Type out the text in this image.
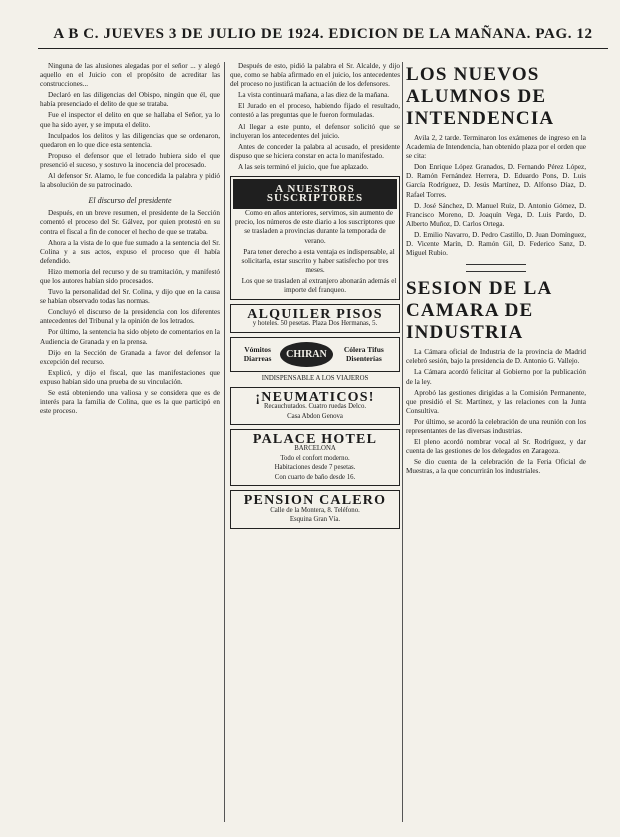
A B C. JUEVES 3 DE JULIO DE 1924. EDICION DE LA MAÑANA. PAG. 12

Ninguna de las alusiones alegadas por el señor ... y alegó aquello en el Juicio con el propósito de acreditar las construcciones...

Declaró en las diligencias del Obispo, ningún que él, que había presenciado el delito de que se trataba.

Fue el inspector el delito en que se hallaba el Señor, ya lo que ha sido ayer, y se imputa el delito.

Inculpados los delitos y las diligencias que se ordenaron, quedaron en lo que dice esta sentencia.

Propuso el defensor que el letrado hubiera sido el que presenció el suceso, y sostuvo la inocencia del procesado.

Al defensor Sr. Alamo, le fue concedida la palabra y pidió la absolución de su patrocinado.

El discurso del presidente

Después, en un breve resumen, el presidente de la Sección comentó el proceso del Sr. Gálvez, por quien protestó en su contra el fiscal a fin de conocer el hecho de que se trataba.

Ahora a la vista de lo que fue sumado a la sentencia del Sr. Colina y a sus actos, expuso el proceso que él había defendido.

Hizo memoria del recurso y de su tramitación, y manifestó que los autores habían sido procesados.

Tuvo la personalidad del Sr. Colina, y dijo que en la causa se habían observado todas las normas.

Concluyó el discurso de la presidencia con los diferentes antecedentes del Tribunal y la opinión de los letrados.

Por último, la sentencia ha sido objeto de comentarios en la Audiencia de Granada y en la prensa.

Dijo en la Sección de Granada a favor del defensor la excepción del recurso.

Explicó, y dijo el fiscal, que las manifestaciones que expuso habían sido una prueba de su vinculación.

Se está obteniendo una valiosa y se considera que es de interés para la familia de Colina, que es la que participó en este proceso.

Después de esto, pidió la palabra el Sr. Alcalde, y dijo que, como se había afirmado en el juicio, los antecedentes del proceso no justifican la actuación de los defensores.

La vista continuará mañana, a las diez de la mañana.

El Jurado en el proceso, habiendo fijado el resultado, contestó a las preguntas que le fueron formuladas.

Al llegar a este punto, el defensor solicitó que se incluyeran los antecedentes del juicio.

Antes de conceder la palabra al acusado, el presidente dispuso que se hiciera constar en acta lo manifestado.

A las seis terminó el juicio, que fue aplazado.

A NUESTROS SUSCRIPTORES

Como en años anteriores, servimos, sin aumento de precio, los números de este diario a los suscriptores que se trasladen a provincias durante la temporada de verano.

Para tener derecho a esta ventaja es indispensable, al solicitarla, estar suscrito y haber satisfecho por tres meses.

Los que se trasladen al extranjero abonarán además el importe del franqueo.

ALQUILER PISOS
y hoteles. 50 pesetas. Plaza Dos Hermanas, 5.
Vómitos Diarreas	CHIRAN	Cólera Tifus Disenterías
INDISPENSABLE A LOS VIAJEROS
¡NEUMATICOS!
Recauchutados. Cuatro ruedas Delco.
Casa Abdon Genova
PALACE HOTEL
BARCELONA
Todo el confort moderno.
Habitaciones desde 7 pesetas.
Con cuarto de baño desde 16.
PENSION CALERO
Calle de la Montera, 8. Teléfono.
Esquina Gran Vía.
LOS NUEVOS ALUMNOS DE INTENDENCIA

Avila 2, 2 tarde. Terminaron los exámenes de ingreso en la Academia de Intendencia, han obtenido plaza por el orden que se cita:

Don Enrique López Granados, D. Fernando Pérez López, D. Ramón Fernández Herrera, D. Eduardo Pons, D. Luis García Rodríguez, D. Jesús Martínez, D. Alfonso Díaz, D. Rafael Torres.

D. José Sánchez, D. Manuel Ruiz, D. Antonio Gómez, D. Francisco Moreno, D. Joaquín Vega, D. Luis Pardo, D. Alberto Muñoz, D. Carlos Ortega.

D. Emilio Navarro, D. Pedro Castillo, D. Juan Domínguez, D. Vicente Marín, D. Ramón Gil, D. Federico Sanz, D. Miguel Rubio.

SESION DE LA CAMARA DE INDUSTRIA

La Cámara oficial de Industria de la provincia de Madrid celebró sesión, bajo la presidencia de D. Antonio G. Vallejo.

La Cámara acordó felicitar al Gobierno por la publicación de la ley.

Aprobó las gestiones dirigidas a la Comisión Permanente, que presidió el Sr. Martínez, y las relaciones con la Junta Consultiva.

Por último, se acordó la celebración de una reunión con los representantes de las diversas industrias.

El pleno acordó nombrar vocal al Sr. Rodríguez, y dar cuenta de las gestiones de los delegados en Zaragoza.

Se dio cuenta de la celebración de la Feria Oficial de Muestras, a la que concurrirán los industriales.
